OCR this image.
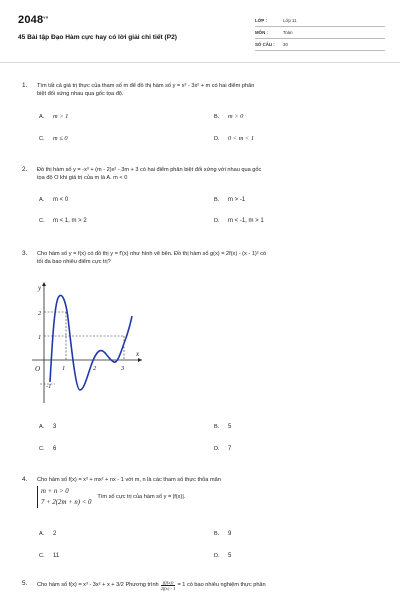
$2048^{vn}$
45 Bài tập Đạo Hàm cực hay có lời giải chi tiết (P2)
LỚP :	Lớp 11
MÔN :	Toán
SỐ CÂU :	30
1. Tìm tất cả giá trị thực của tham số m để đồ thị hàm số y = x³ - 3x² + m có hai điểm phân
biệt đối xứng nhau qua gốc tọa độ.
A. m > 1	B. m > 0
C. m ≤ 0	D. 0 < m < 1
2. Đồ thị hàm số y = -x³ + (m - 2)x² - 3m + 3 có hai điểm phân biệt đối xứng với nhau qua gốc
tọa độ O khi giá trị của m là A. m < 0
A. m < 0	B. m > -1
C. m < 1, m > 2	D. m < -1, m > 1
3. Cho hàm số y = f(x) có đồ thị y = f'(x) như hình vẽ bên. Đồ thị hàm số g(x) = 2f(x) - (x - 1)² có
tối đa bao nhiêu điểm cực trị?
y
x
O
2
1
-1
1	2	3
A. 3	B. 5
C. 6	D. 7
4. Cho hàm số f(x) = x³ + mx² + nx - 1 với m, n là các tham số thực thỏa mãn
m + n > 0
7 + 2(2m + n) < 0
Tìm số cực trị của hàm số y = |f(x)|.
A. 2	B. 9
C. 11	D. 5
5. Cho hàm số f(x) = x³ - 3x² + x + 3/2 Phương trình $\frac{f(f(x))}{2f(x) - 1} = 1$ có bao nhiêu nghiệm thực phân
